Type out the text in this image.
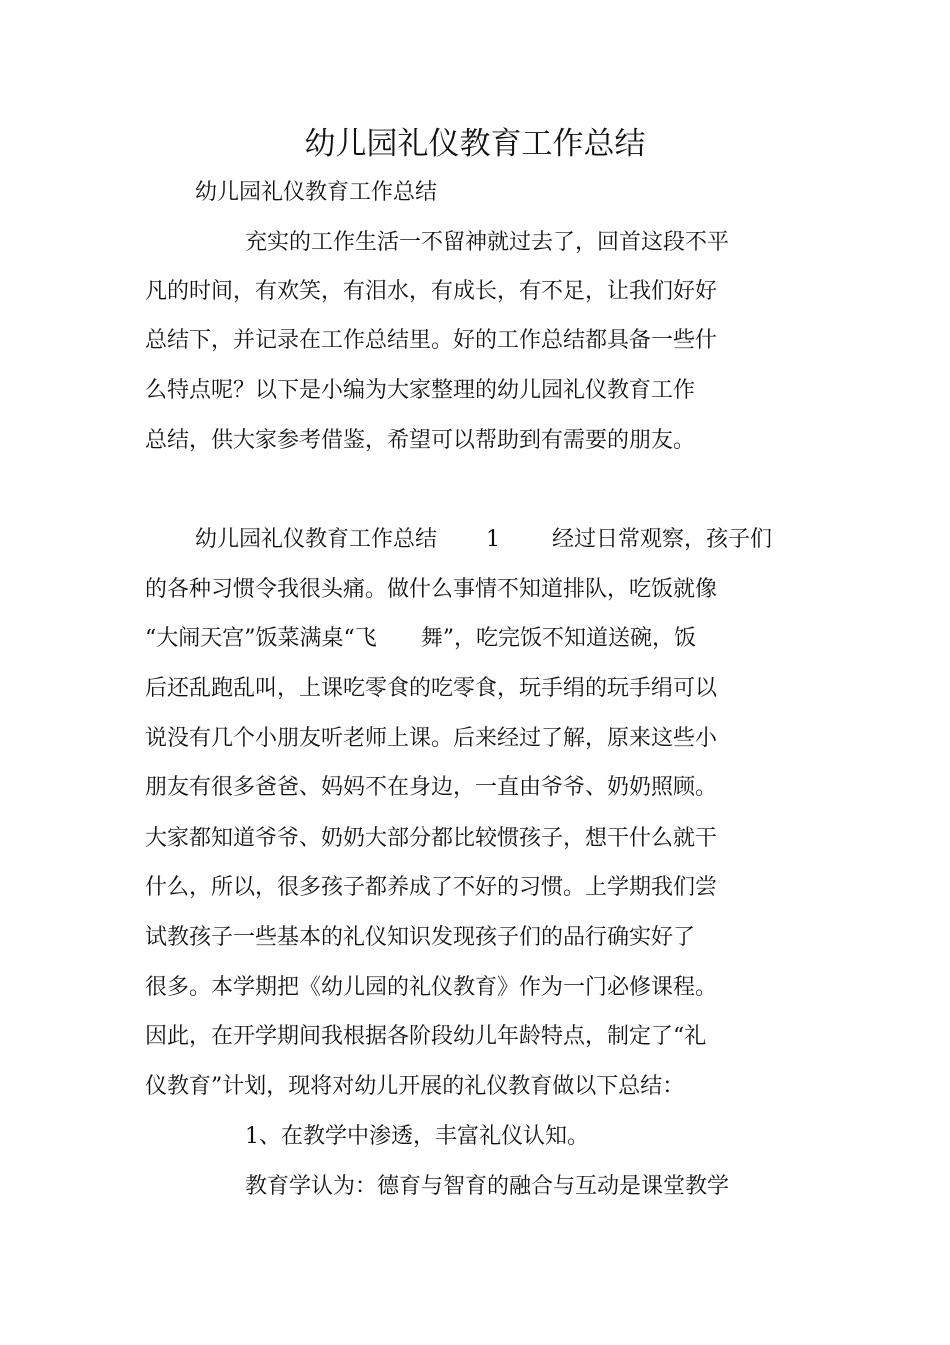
幼儿园礼仪教育工作总结
幼儿园礼仪教育工作总结
充实的工作生活一不留神就过去了，回首这段不平
凡的时间，有欢笑，有泪水，有成长，有不足，让我们好好
总结下，并记录在工作总结里。好的工作总结都具备一些什
么特点呢？以下是小编为大家整理的幼儿园礼仪教育工作
总结，供大家参考借鉴，希望可以帮助到有需要的朋友。
幼儿园礼仪教育工作总结 1 经过日常观察，孩子们
的各种习惯令我很头痛。做什么事情不知道排队，吃饭就像
“大闹天宫”饭菜满桌“飞　　舞”，吃完饭不知道送碗，饭
后还乱跑乱叫，上课吃零食的吃零食，玩手绢的玩手绢可以
说没有几个小朋友听老师上课。后来经过了解，原来这些小
朋友有很多爸爸、妈妈不在身边，一直由爷爷、奶奶照顾。
大家都知道爷爷、奶奶大部分都比较惯孩子，想干什么就干
什么，所以，很多孩子都养成了不好的习惯。上学期我们尝
试教孩子一些基本的礼仪知识发现孩子们的品行确实好了
很多。本学期把《幼儿园的礼仪教育》作为一门必修课程。
因此，在开学期间我根据各阶段幼儿年龄特点，制定了“礼
仪教育”计划，现将对幼儿开展的礼仪教育做以下总结：
1、在教学中渗透，丰富礼仪认知。
教育学认为：德育与智育的融合与互动是课堂教学
